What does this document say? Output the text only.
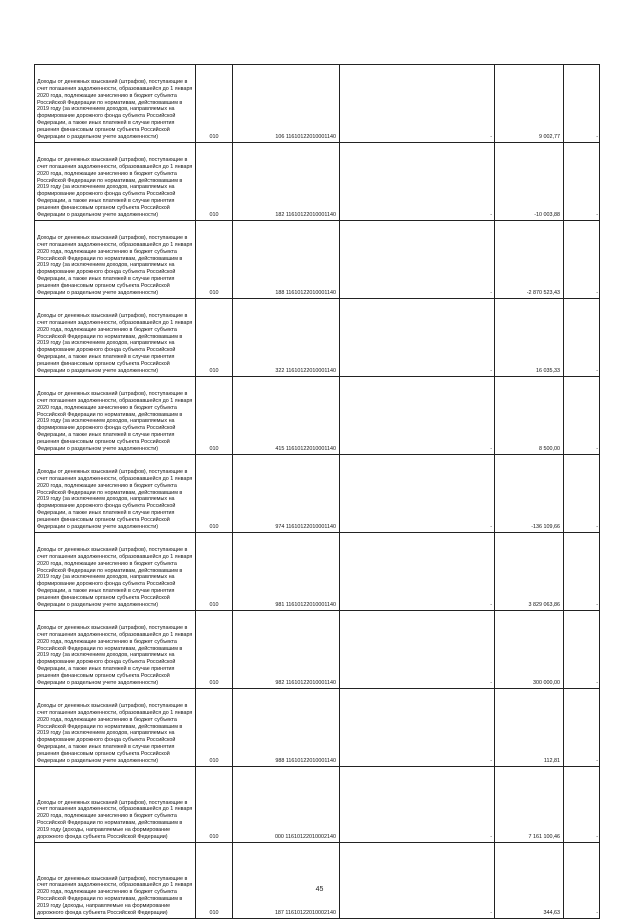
Доходы от денежных взысканий (штрафов), поступающие в счет погашения задолженности, образовавшейся до 1 января 2020 года, подлежащие зачислению в бюджет субъекта Российской Федерации по нормативам, действовавшим в 2019 году (за исключением доходов, направляемых на формирование дорожного фонда субъекта Российской Федерации, а также иных платежей в случае принятия решения финансовым органом субъекта Российской Федерации о раздельном учете задолженности)	010	106 11610122010001140	-	9 002,77	-
Доходы от денежных взысканий (штрафов), поступающие в счет погашения задолженности, образовавшейся до 1 января 2020 года, подлежащие зачислению в бюджет субъекта Российской Федерации по нормативам, действовавшим в 2019 году (за исключением доходов, направляемых на формирование дорожного фонда субъекта Российской Федерации, а также иных платежей в случае принятия решения финансовым органом субъекта Российской Федерации о раздельном учете задолженности)	010	182 11610122010001140	-	-10 003,88	-
Доходы от денежных взысканий (штрафов), поступающие в счет погашения задолженности, образовавшейся до 1 января 2020 года, подлежащие зачислению в бюджет субъекта Российской Федерации по нормативам, действовавшим в 2019 году (за исключением доходов, направляемых на формирование дорожного фонда субъекта Российской Федерации, а также иных платежей в случае принятия решения финансовым органом субъекта Российской Федерации о раздельном учете задолженности)	010	188 11610122010001140	-	-2 870 523,43	-
Доходы от денежных взысканий (штрафов), поступающие в счет погашения задолженности, образовавшейся до 1 января 2020 года, подлежащие зачислению в бюджет субъекта Российской Федерации по нормативам, действовавшим в 2019 году (за исключением доходов, направляемых на формирование дорожного фонда субъекта Российской Федерации, а также иных платежей в случае принятия решения финансовым органом субъекта Российской Федерации о раздельном учете задолженности)	010	322 11610122010001140	-	16 035,33	-
Доходы от денежных взысканий (штрафов), поступающие в счет погашения задолженности, образовавшейся до 1 января 2020 года, подлежащие зачислению в бюджет субъекта Российской Федерации по нормативам, действовавшим в 2019 году (за исключением доходов, направляемых на формирование дорожного фонда субъекта Российской Федерации, а также иных платежей в случае принятия решения финансовым органом субъекта Российской Федерации о раздельном учете задолженности)	010	415 11610122010001140	-	8 500,00	-
Доходы от денежных взысканий (штрафов), поступающие в счет погашения задолженности, образовавшейся до 1 января 2020 года, подлежащие зачислению в бюджет субъекта Российской Федерации по нормативам, действовавшим в 2019 году (за исключением доходов, направляемых на формирование дорожного фонда субъекта Российской Федерации, а также иных платежей в случае принятия решения финансовым органом субъекта Российской Федерации о раздельном учете задолженности)	010	974 11610122010001140	-	-136 109,66	-
Доходы от денежных взысканий (штрафов), поступающие в счет погашения задолженности, образовавшейся до 1 января 2020 года, подлежащие зачислению в бюджет субъекта Российской Федерации по нормативам, действовавшим в 2019 году (за исключением доходов, направляемых на формирование дорожного фонда субъекта Российской Федерации, а также иных платежей в случае принятия решения финансовым органом субъекта Российской Федерации о раздельном учете задолженности)	010	981 11610122010001140	-	3 829 063,86	-
Доходы от денежных взысканий (штрафов), поступающие в счет погашения задолженности, образовавшейся до 1 января 2020 года, подлежащие зачислению в бюджет субъекта Российской Федерации по нормативам, действовавшим в 2019 году (за исключением доходов, направляемых на формирование дорожного фонда субъекта Российской Федерации, а также иных платежей в случае принятия решения финансовым органом субъекта Российской Федерации о раздельном учете задолженности)	010	982 11610122010001140	-	300 000,00	-
Доходы от денежных взысканий (штрафов), поступающие в счет погашения задолженности, образовавшейся до 1 января 2020 года, подлежащие зачислению в бюджет субъекта Российской Федерации по нормативам, действовавшим в 2019 году (за исключением доходов, направляемых на формирование дорожного фонда субъекта Российской Федерации, а также иных платежей в случае принятия решения финансовым органом субъекта Российской Федерации о раздельном учете задолженности)	010	988 11610122010001140	-	112,81	-
Доходы от денежных взысканий (штрафов), поступающие в счет погашения задолженности, образовавшейся до 1 января 2020 года, подлежащие зачислению в бюджет субъекта Российской Федерации по нормативам, действовавшим в 2019 году (доходы, направляемые на формирование дорожного фонда субъекта Российской Федерации)	010	000 11610122010002140	-	7 161 100,46	-
Доходы от денежных взысканий (штрафов), поступающие в счет погашения задолженности, образовавшейся до 1 января 2020 года, подлежащие зачислению в бюджет субъекта Российской Федерации по нормативам, действовавшим в 2019 году (доходы, направляемые на формирование дорожного фонда субъекта Российской Федерации)	010	187 11610122010002140	-	344,63	-
45
